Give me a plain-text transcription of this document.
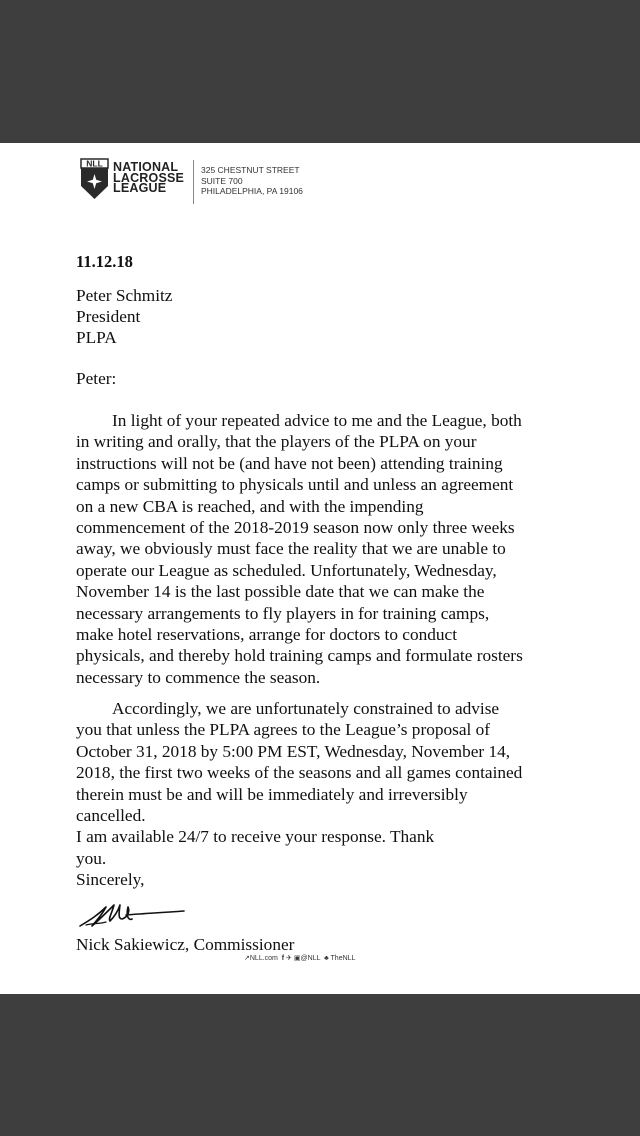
NLL NATIONAL
LACROSSE
LEAGUE
325 CHESTNUT STREET
SUITE 700
PHILADELPHIA, PA 19106
11.12.18
Peter Schmitz
President
PLPA
Peter:
In light of your repeated advice to me and the League, both
in writing and orally, that the players of the PLPA on your
instructions will not be (and have not been) attending training
camps or submitting to physicals until and unless an agreement
on a new CBA is reached, and with the impending
commencement of the 2018-2019 season now only three weeks
away, we obviously must face the reality that we are unable to
operate our League as scheduled. Unfortunately, Wednesday,
November 14 is the last possible date that we can make the
necessary arrangements to fly players in for training camps,
make hotel reservations, arrange for doctors to conduct
physicals, and thereby hold training camps and formulate rosters
necessary to commence the season.
Accordingly, we are unfortunately constrained to advise
you that unless the PLPA agrees to the League’s proposal of
October 31, 2018 by 5:00 PM EST, Wednesday, November 14,
2018, the first two weeks of the seasons and all games contained
therein must be and will be immediately and irreversibly
cancelled.
I am available 24/7 to receive your response. Thank
you.
Sincerely,
Nick Sakiewicz, Commissioner
↗NLL.com f ✈ ▣@NLL ♣ TheNLL
